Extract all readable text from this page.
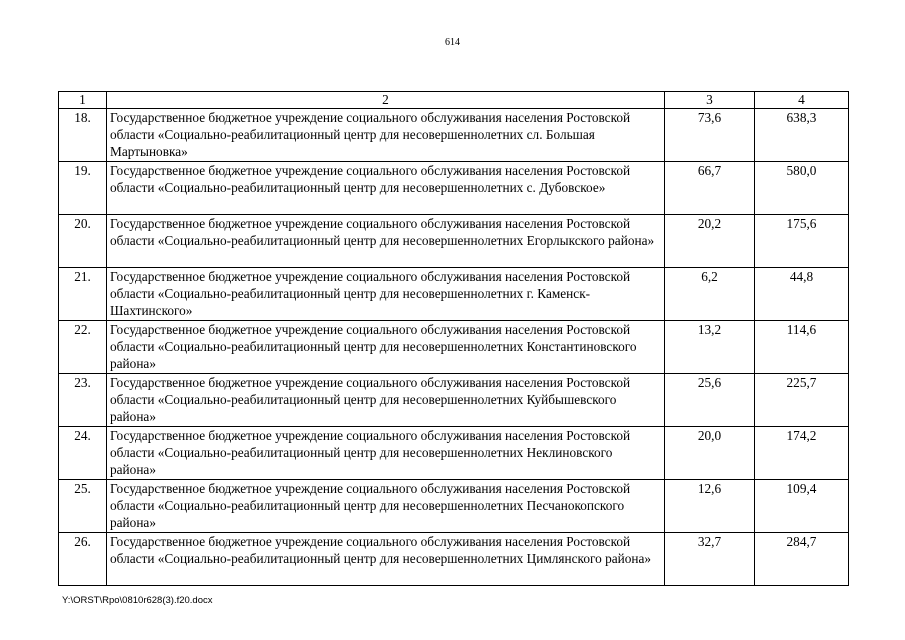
614
1	2	3	4
18.	Государственное бюджетное учреждение социального обслуживания населения Ростовской области «Социально-реабилитационный центр для несовершеннолетних сл. Большая Мартыновка»	73,6	638,3
19.	Государственное бюджетное учреждение социального обслуживания населения Ростовской области «Социально-реабилитационный центр для несовершеннолетних с. Дубовское»	66,7	580,0
20.	Государственное бюджетное учреждение социального обслуживания населения Ростовской области «Социально-реабилитационный центр для несовершеннолетних Егорлыкского района»	20,2	175,6
21.	Государственное бюджетное учреждение социального обслуживания населения Ростовской области «Социально-реабилитационный центр для несовершеннолетних г. Каменск-Шахтинского»	6,2	44,8
22.	Государственное бюджетное учреждение социального обслуживания населения Ростовской области «Социально-реабилитационный центр для несовершеннолетних Константиновского района»	13,2	114,6
23.	Государственное бюджетное учреждение социального обслуживания населения Ростовской области «Социально-реабилитационный центр для несовершеннолетних Куйбышевского района»	25,6	225,7
24.	Государственное бюджетное учреждение социального обслуживания населения Ростовской области «Социально-реабилитационный центр для несовершеннолетних Неклиновского района»	20,0	174,2
25.	Государственное бюджетное учреждение социального обслуживания населения Ростовской области «Социально-реабилитационный центр для несовершеннолетних Песчанокопского района»	12,6	109,4
26.	Государственное бюджетное учреждение социального обслуживания населения Ростовской области «Социально-реабилитационный центр для несовершеннолетних Цимлянского района»	32,7	284,7
Y:\ORST\Rpo\0810r628(3).f20.docx
